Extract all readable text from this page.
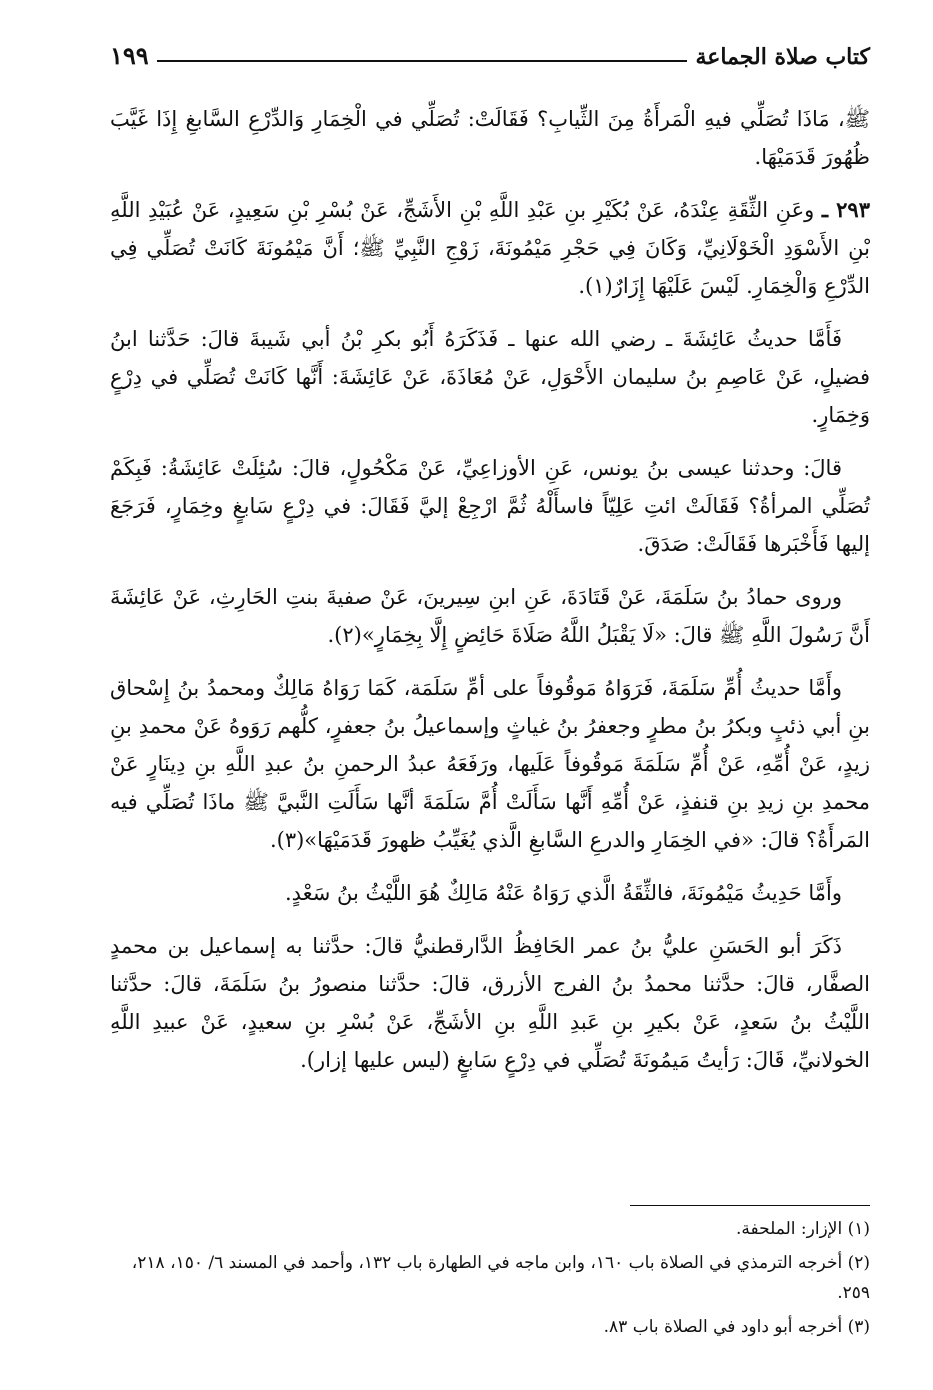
كتاب صلاة الجماعة
١٩٩

ﷺ، مَاذَا تُصَلِّي فيهِ الْمَرأَةُ مِنَ الثِّيابِ؟ فَقَالَتْ: تُصَلِّي في الْخِمَارِ وَالدِّرْعِ السَّابغِ إِذَا غَيَّبَ ظُهُورَ قَدَمَيْهَا.

٢٩٣ ـ وعَنِ الثِّقَةِ عِنْدَهُ، عَنْ بُكَيْرِ بنِ عَبْدِ اللَّهِ بْنِ الأَشَجِّ، عَنْ بُسْرِ بْنِ سَعِيدٍ، عَنْ عُبَيْدِ اللَّهِ بْنِ الأَسْوَدِ الْخَوْلَانِيِّ، وَكَانَ فِي حَجْرِ مَيْمُونَةَ، زَوْجِ النَّبِيِّ ﷺ؛ أَنَّ مَيْمُونَةَ كَانَتْ تُصَلِّي فِي الدِّرْعِ وَالْخِمَارِ. لَيْسَ عَلَيْهَا إِزَارٌ(١).

فَأَمَّا حديثُ عَائِشَةَ ـ رضي الله عنها ـ فَذَكَرَهُ أَبُو بكرِ بْنُ أبي شَيبةَ قالَ: حَدَّثنا ابنُ فضيلٍ، عَنْ عَاصِمِ بنُ سليمان الأَحْوَلِ، عَنْ مُعَاذَةَ، عَنْ عَائِشَةَ: أَنَّها كَانَتْ تُصَلِّي في دِرْعٍ وَخِمَارٍ.

قالَ: وحدثنا عيسى بنُ يونس، عَنِ الأوزاعِيِّ، عَنْ مَكْحُولٍ، قالَ: سُئِلَتْ عَائِشَةُ: فَبِكَمْ تُصَلِّي المرأةُ؟ فَقَالَتْ ائتِ عَلِيّاً فاسأَلْهُ ثُمَّ ارْجِعْ إليَّ فَقَالَ: في دِرْعٍ سَابغٍ وخِمَارٍ، فَرَجَعَ إليها فَأَخْبَرها فَقَالَتْ: صَدَقَ.

وروى حمادُ بنُ سَلَمَةَ، عَنْ قَتَادَةَ، عَنِ ابنِ سِيرينَ، عَنْ صفيةَ بنتِ الحَارِثِ، عَنْ عَائِشَةَ أَنَّ رَسُولَ اللَّهِ ﷺ قالَ: «لَا يَقْبَلُ اللَّهُ صَلَاةَ حَائِضٍ إِلَّا بِخِمَارٍ»(٢).

وأَمَّا حديثُ أُمِّ سَلَمَةَ، فَرَوَاهُ مَوقُوفاً على أمِّ سَلَمَة، كَمَا رَوَاهُ مَالِكٌ ومحمدُ بنُ إِسْحاق بنِ أبي ذئبٍ وبكرُ بنُ مطرٍ وجعفرُ بنُ غياثٍ وإسماعيلُ بنُ جعفرٍ، كلُّهم رَوَوهُ عَنْ محمدِ بنِ زيدٍ، عَنْ أُمِّهِ، عَنْ أُمِّ سَلَمَةَ مَوقُوفاً عَلَيها، ورَفَعَهُ عبدُ الرحمنِ بنُ عبدِ اللَّهِ بنِ دِينَارٍ عَنْ محمدِ بنِ زيدِ بنِ قنفذٍ، عَنْ أُمِّهِ أَنَّها سَأَلَتْ أُمَّ سَلَمَةَ أنَّها سَأَلَتِ النَّبيَّ ﷺ ماذَا تُصَلِّي فيه المَرأَةُ؟ قالَ: «في الخِمَارِ والدرعِ السَّابغِ الَّذي يُغَيِّبُ ظهورَ قَدَمَيْهَا»(٣).

وأَمَّا حَدِيثُ مَيْمُونَةَ، فالثِّقَةُ الَّذي رَوَاهُ عَنْهُ مَالِكٌ هُوَ اللَّيْثُ بنُ سَعْدٍ.

ذَكَرَ أبو الحَسَنِ عليُّ بنُ عمر الحَافِظُ الدَّارقطنيُّ قالَ: حدَّثنا به إسماعيل بن محمدٍ الصفَّار، قالَ: حدَّثنا محمدُ بنُ الفرج الأزرق، قالَ: حدَّثنا منصورُ بنُ سَلَمَةَ، قالَ: حدَّثنا اللَّيْثُ بنُ سَعدٍ، عَنْ بكيرِ بنِ عَبدِ اللَّهِ بنِ الأشَجِّ، عَنْ بُسْرِ بنِ سعيدٍ، عَنْ عبيدِ اللَّهِ الخولانيِّ، قَالَ: رَأيتُ مَيمُونَةَ تُصَلِّي في دِرْعٍ سَابغٍ (ليس عليها إزار).

(١) الإزار: الملحفة.

(٢) أخرجه الترمذي في الصلاة باب ١٦٠، وابن ماجه في الطهارة باب ١٣٢، وأحمد في المسند ٦/ ١٥٠، ٢١٨، ٢٥٩.

(٣) أخرجه أبو داود في الصلاة باب ٨٣.
